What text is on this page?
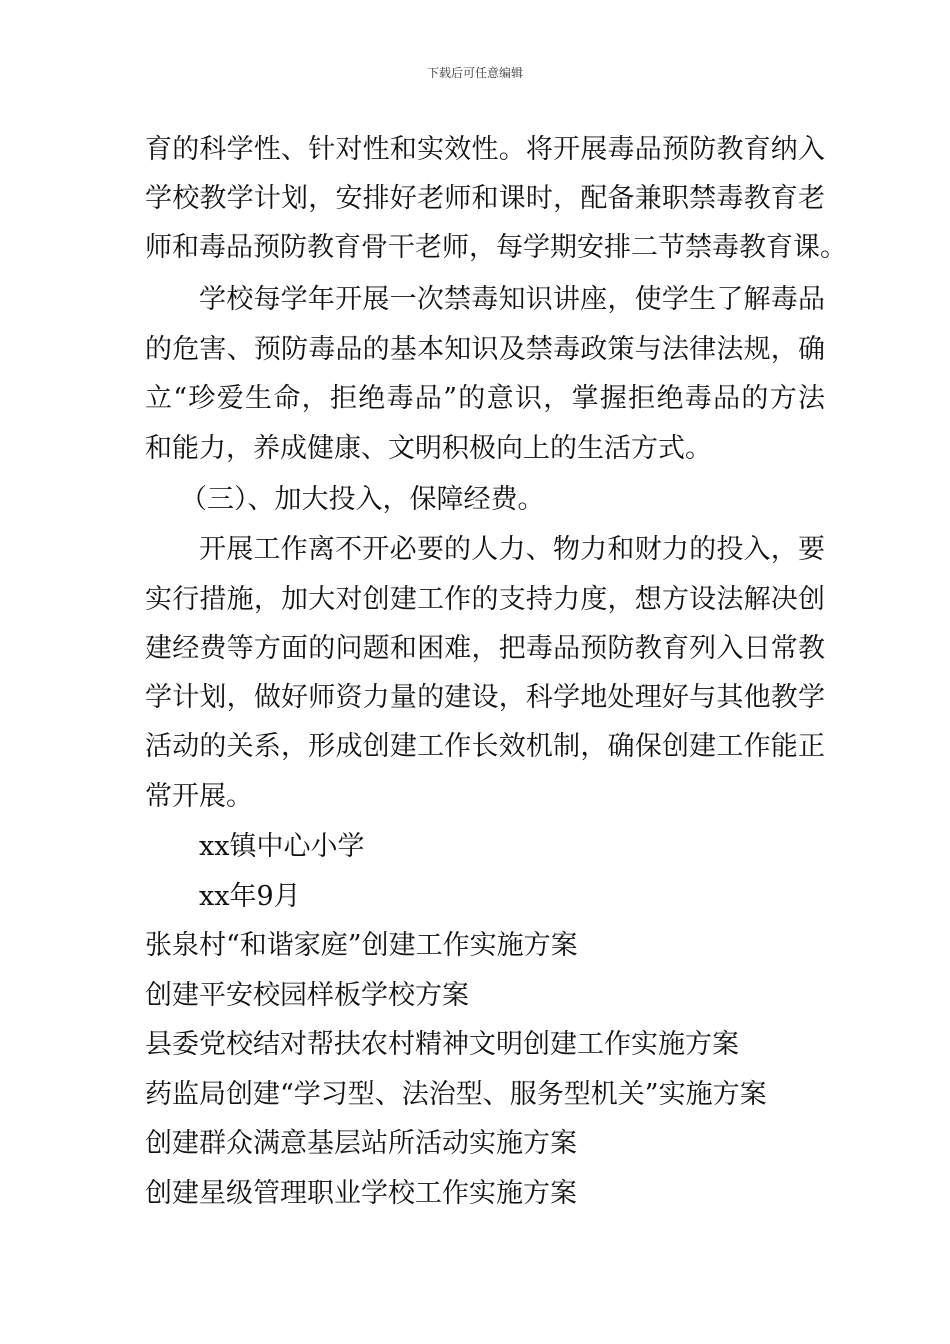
下载后可任意编辑
育的科学性、针对性和实效性。将开展毒品预防教育纳入
学校教学计划，安排好老师和课时，配备兼职禁毒教育老
师和毒品预防教育骨干老师，每学期安排二节禁毒教育课。
学校每学年开展一次禁毒知识讲座，使学生了解毒品
的危害、预防毒品的基本知识及禁毒政策与法律法规，确
立“珍爱生命，拒绝毒品”的意识，掌握拒绝毒品的方法
和能力，养成健康、文明积极向上的生活方式。
（三）、加大投入，保障经费。
开展工作离不开必要的人力、物力和财力的投入，要
实行措施，加大对创建工作的支持力度，想方设法解决创
建经费等方面的问题和困难，把毒品预防教育列入日常教
学计划，做好师资力量的建设，科学地处理好与其他教学
活动的关系，形成创建工作长效机制，确保创建工作能正
常开展。
xx镇中心小学
xx年9月
张泉村“和谐家庭”创建工作实施方案
创建平安校园样板学校方案
县委党校结对帮扶农村精神文明创建工作实施方案
药监局创建“学习型、法治型、服务型机关”实施方案
创建群众满意基层站所活动实施方案
创建星级管理职业学校工作实施方案
